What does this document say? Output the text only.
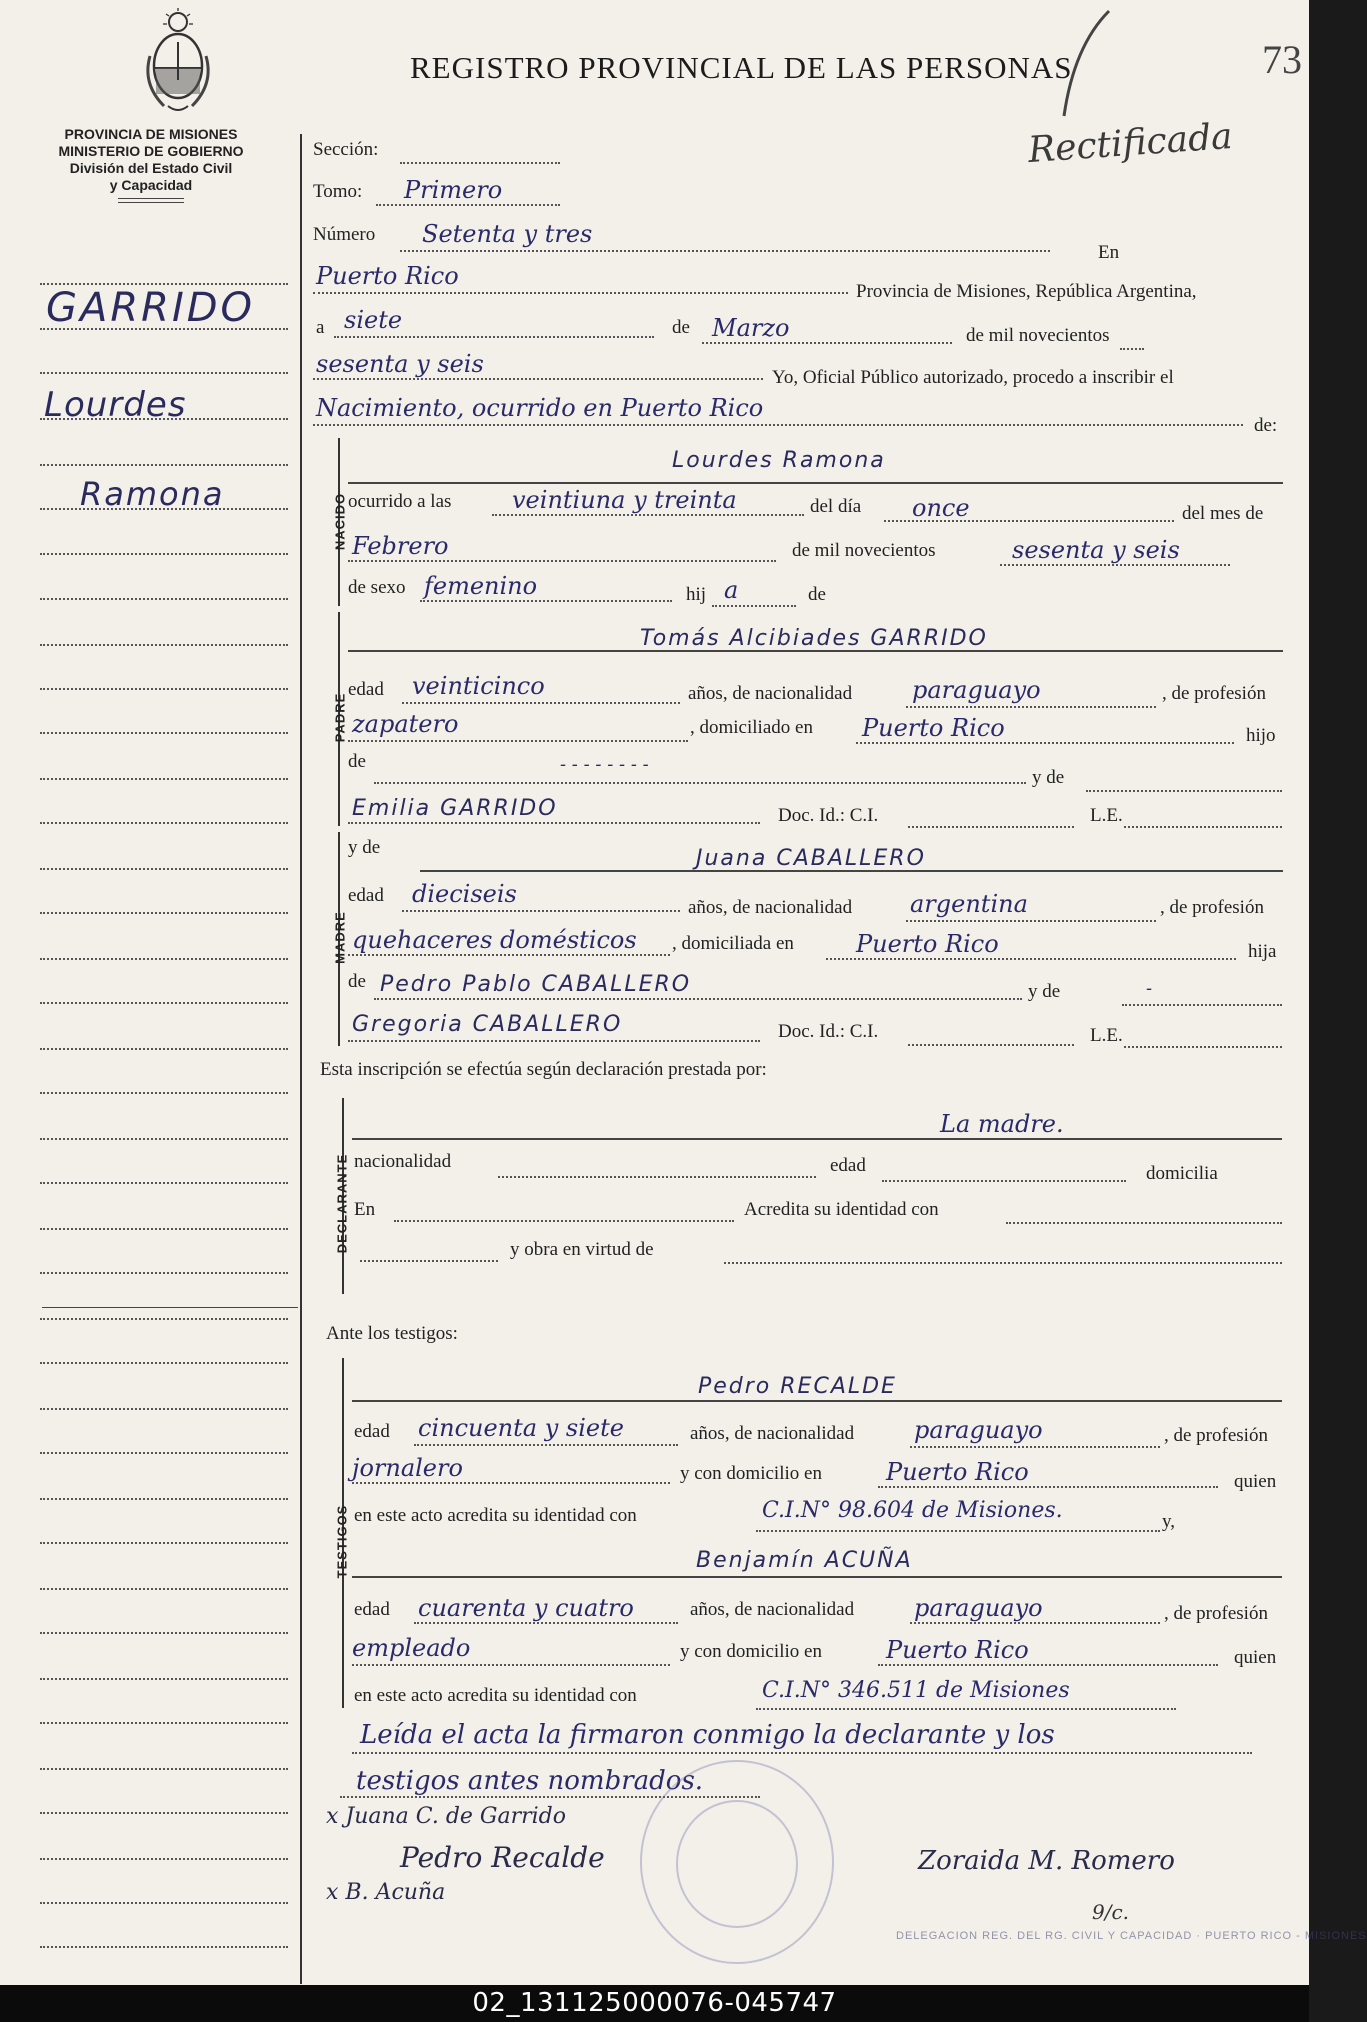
PROVINCIA DE MISIONES
MINISTERIO DE GOBIERNO
División del Estado Civil
y Capacidad
REGISTRO PROVINCIAL DE LAS PERSONAS	73
Rectificada
GARRIDO
Lourdes
Ramona
Sección:
Tomo: Primero
Número Setenta y tres
En
Puerto Rico
Provincia de Misiones, República Argentina,
a siete	de Marzo	de mil novecientos
sesenta y seis	Yo, Oficial Público autorizado, procedo a inscribir el
Nacimiento, ocurrido en Puerto Rico
de:
NACIDO
Lourdes Ramona
ocurrido a las	veintiuna y treinta	del día once	del mes de
Febrero	de mil novecientos	sesenta y seis
de sexo femenino	hij a	de
PADRE
Tomás Alcibiades GARRIDO
edad veinticinco	años, de nacionalidad paraguayo	, de profesión
zapatero	, domiciliado en Puerto Rico	hijo
de	- - - - - - - -
y de
Emilia GARRIDO	Doc. Id.: C.I.	L.E.
MADRE
y de	Juana CABALLERO
edad dieciseis	años, de nacionalidad argentina	, de profesión
quehaceres domésticos , domiciliada en	Puerto Rico	hija
de Pedro Pablo CABALLERO	y de	-
Gregoria CABALLERO	Doc. Id.: C.I.	L.E.
Esta inscripción se efectúa según declaración prestada por:
DECLARANTE
La madre.
nacionalidad	edad	domicilia
En	Acredita su identidad con
y obra en virtud de
Ante los testigos:
TESTIGOS
Pedro RECALDE
edad cincuenta y siete	años, de nacionalidad paraguayo	, de profesión
jornalero	y con domicilio en	Puerto Rico	quien
en este acto acredita su identidad con	C.I.N° 98.604 de Misiones.	y,
Benjamín ACUÑA
edad cuarenta y cuatro	años, de nacionalidad paraguayo	, de profesión
empleado	y con domicilio en	Puerto Rico	quien
en este acto acredita su identidad con	C.I.N° 346.511 de Misiones
Leída el acta la firmaron conmigo la declarante y los
testigos antes nombrados.
x Juana C. de Garrido
Pedro Recalde
x B. Acuña
Zoraida M. Romero
DELEGACION REG. DEL RG. CIVIL Y CAPACIDAD · PUERTO RICO - MISIONES
9/c.
02_131125000076-045747
